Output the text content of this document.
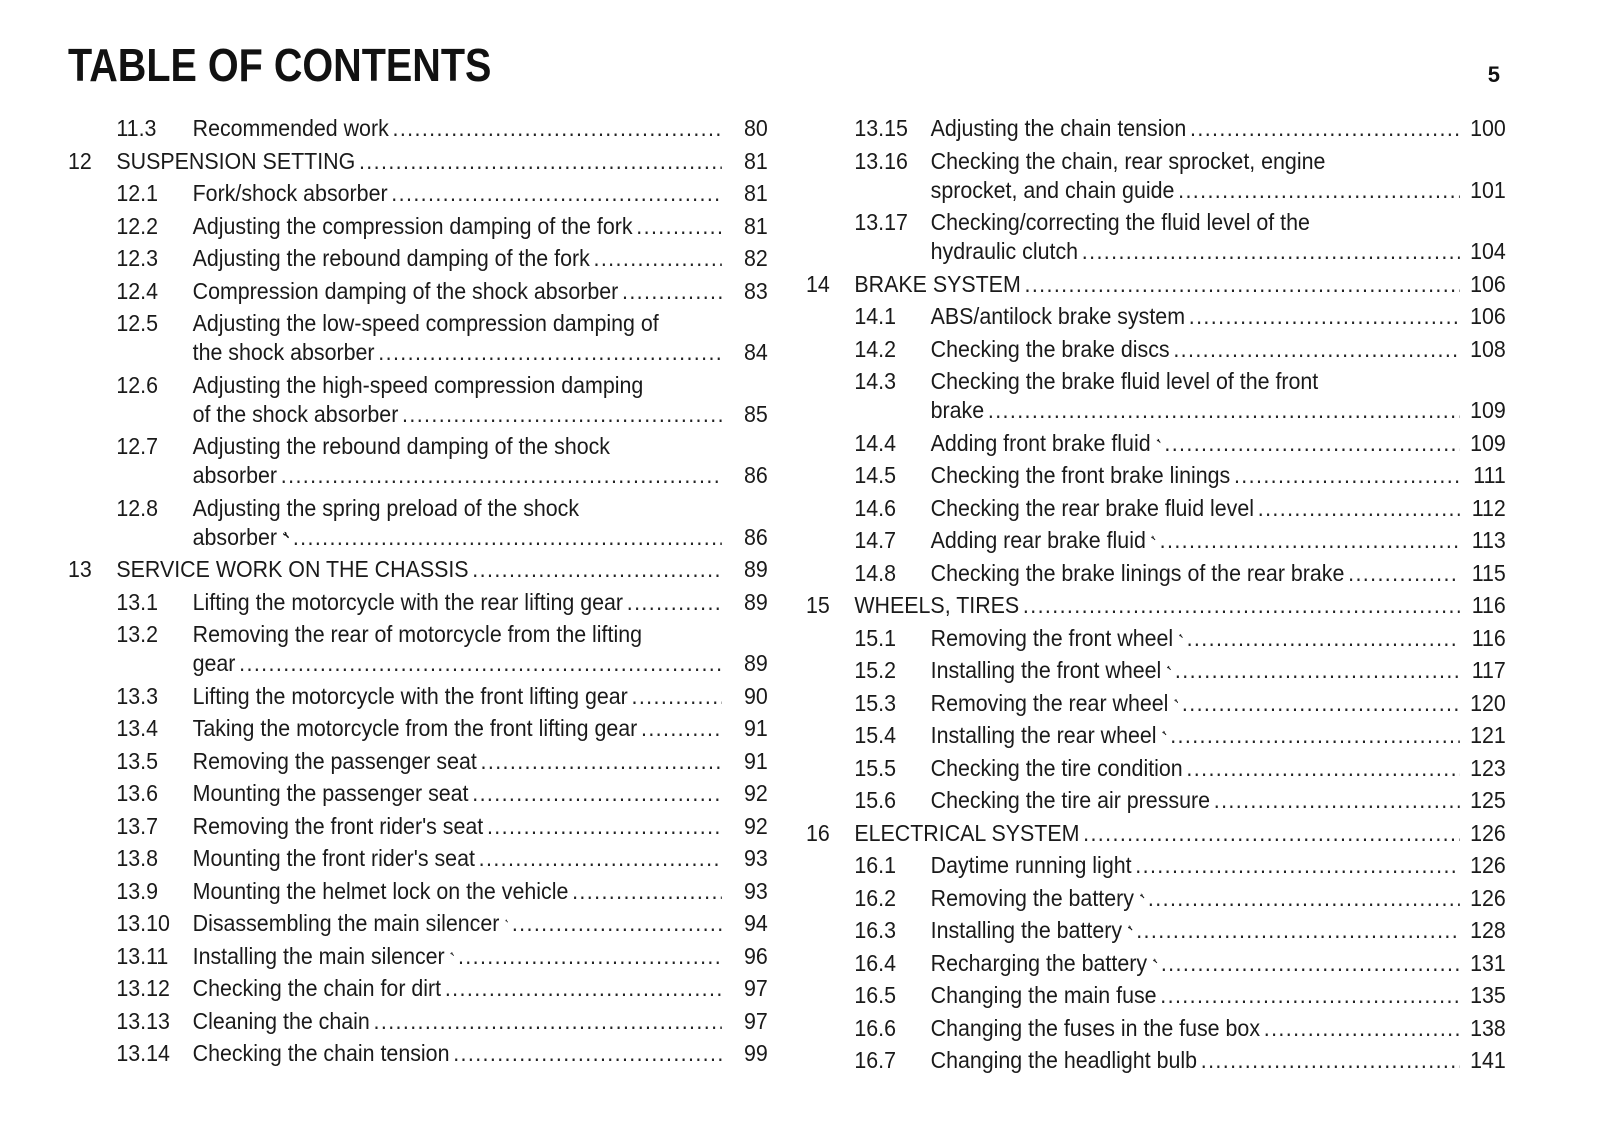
TABLE OF CONTENTS	5
11.3	Recommended work .....	80
12	SUSPENSION SETTING .....	81
12.1	Fork/shock absorber .....	81
12.2	Adjusting the compression damping of the fork .....	81
12.3	Adjusting the rebound damping of the fork .....	82
12.4	Compression damping of the shock absorber .....	83
12.5	Adjusting the low-speed compression damping of
the shock absorber .....	84
12.6	Adjusting the high-speed compression damping
of the shock absorber .....	85
12.7	Adjusting the rebound damping of the shock
absorber .....	86
12.8	Adjusting the spring preload of the shock
absorber .....	86
13	SERVICE WORK ON THE CHASSIS .....	89
13.1	Lifting the motorcycle with the rear lifting gear .....	89
13.2	Removing the rear of motorcycle from the lifting
gear .....	89
13.3	Lifting the motorcycle with the front lifting gear .....	90
13.4	Taking the motorcycle from the front lifting gear .....	91
13.5	Removing the passenger seat .....	91
13.6	Mounting the passenger seat .....	92
13.7	Removing the front rider's seat .....	92
13.8	Mounting the front rider's seat .....	93
13.9	Mounting the helmet lock on the vehicle .....	93
13.10 Disassembling the main silencer .....	94
13.11	Installing the main silencer .....	96
13.12 Checking the chain for dirt .....	97
13.13 Cleaning the chain .....	97
13.14 Checking the chain tension .....	99
13.15 Adjusting the chain tension .....	100
13.16 Checking the chain, rear sprocket, engine
sprocket, and chain guide .....	101
13.17 Checking/correcting the fluid level of the
hydraulic clutch .....	104
14	BRAKE SYSTEM .....	106
14.1	ABS/antilock brake system .....	106
14.2	Checking the brake discs .....	108
14.3	Checking the brake fluid level of the front
brake .....	109
14.4	Adding front brake fluid .....	109
14.5	Checking the front brake linings .....	111
14.6	Checking the rear brake fluid level .....	112
14.7	Adding rear brake fluid .....	113
14.8	Checking the brake linings of the rear brake .....	115
15	WHEELS, TIRES .....	116
15.1	Removing the front wheel .....	116
15.2	Installing the front wheel .....	117
15.3	Removing the rear wheel .....	120
15.4	Installing the rear wheel .....	121
15.5	Checking the tire condition .....	123
15.6	Checking the tire air pressure .....	125
16	ELECTRICAL SYSTEM .....	126
16.1	Daytime running light .....	126
16.2	Removing the battery .....	126
16.3	Installing the battery .....	128
16.4	Recharging the battery .....	131
16.5	Changing the main fuse .....	135
16.6	Changing the fuses in the fuse box .....	138
16.7	Changing the headlight bulb .....	141
